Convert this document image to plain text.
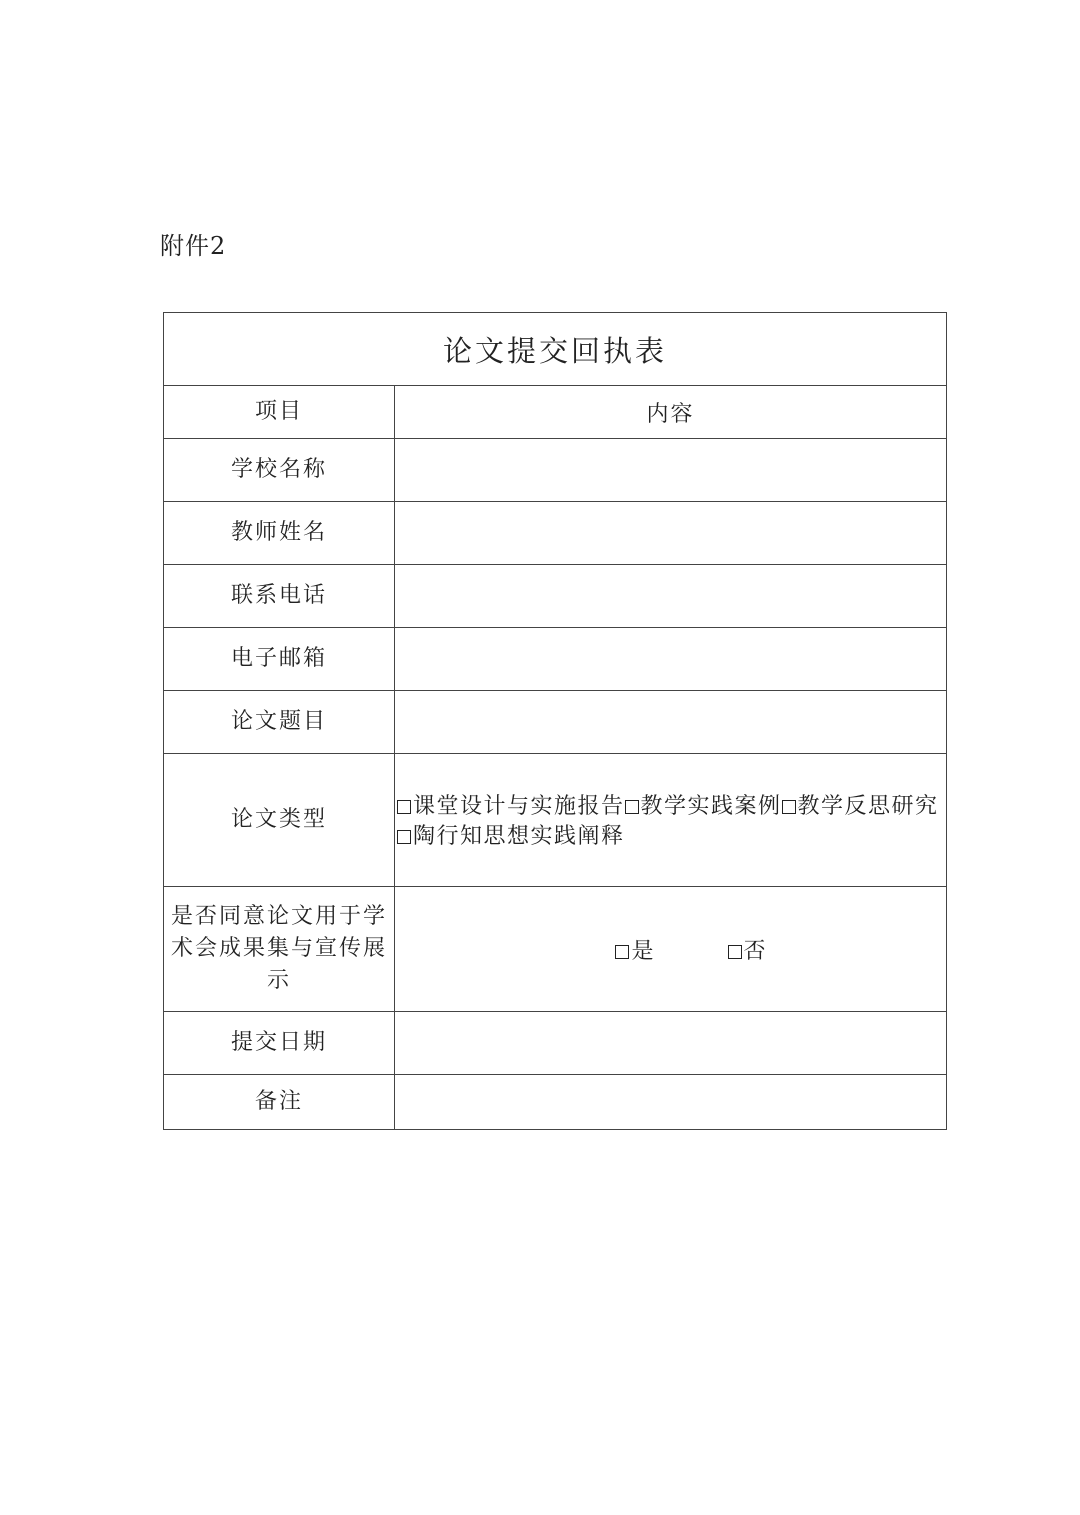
附件2
论文提交回执表	
项目	内容
学校名称	
教师姓名	
联系电话	
电子邮箱	
论文题目	
论文类型	课堂设计与实施报告 教学实践案例 教学反思研究陶行知思想实践阐释

是否同意论文用于学术会成果集与宣传展示	是 否

提交日期	
备注	
